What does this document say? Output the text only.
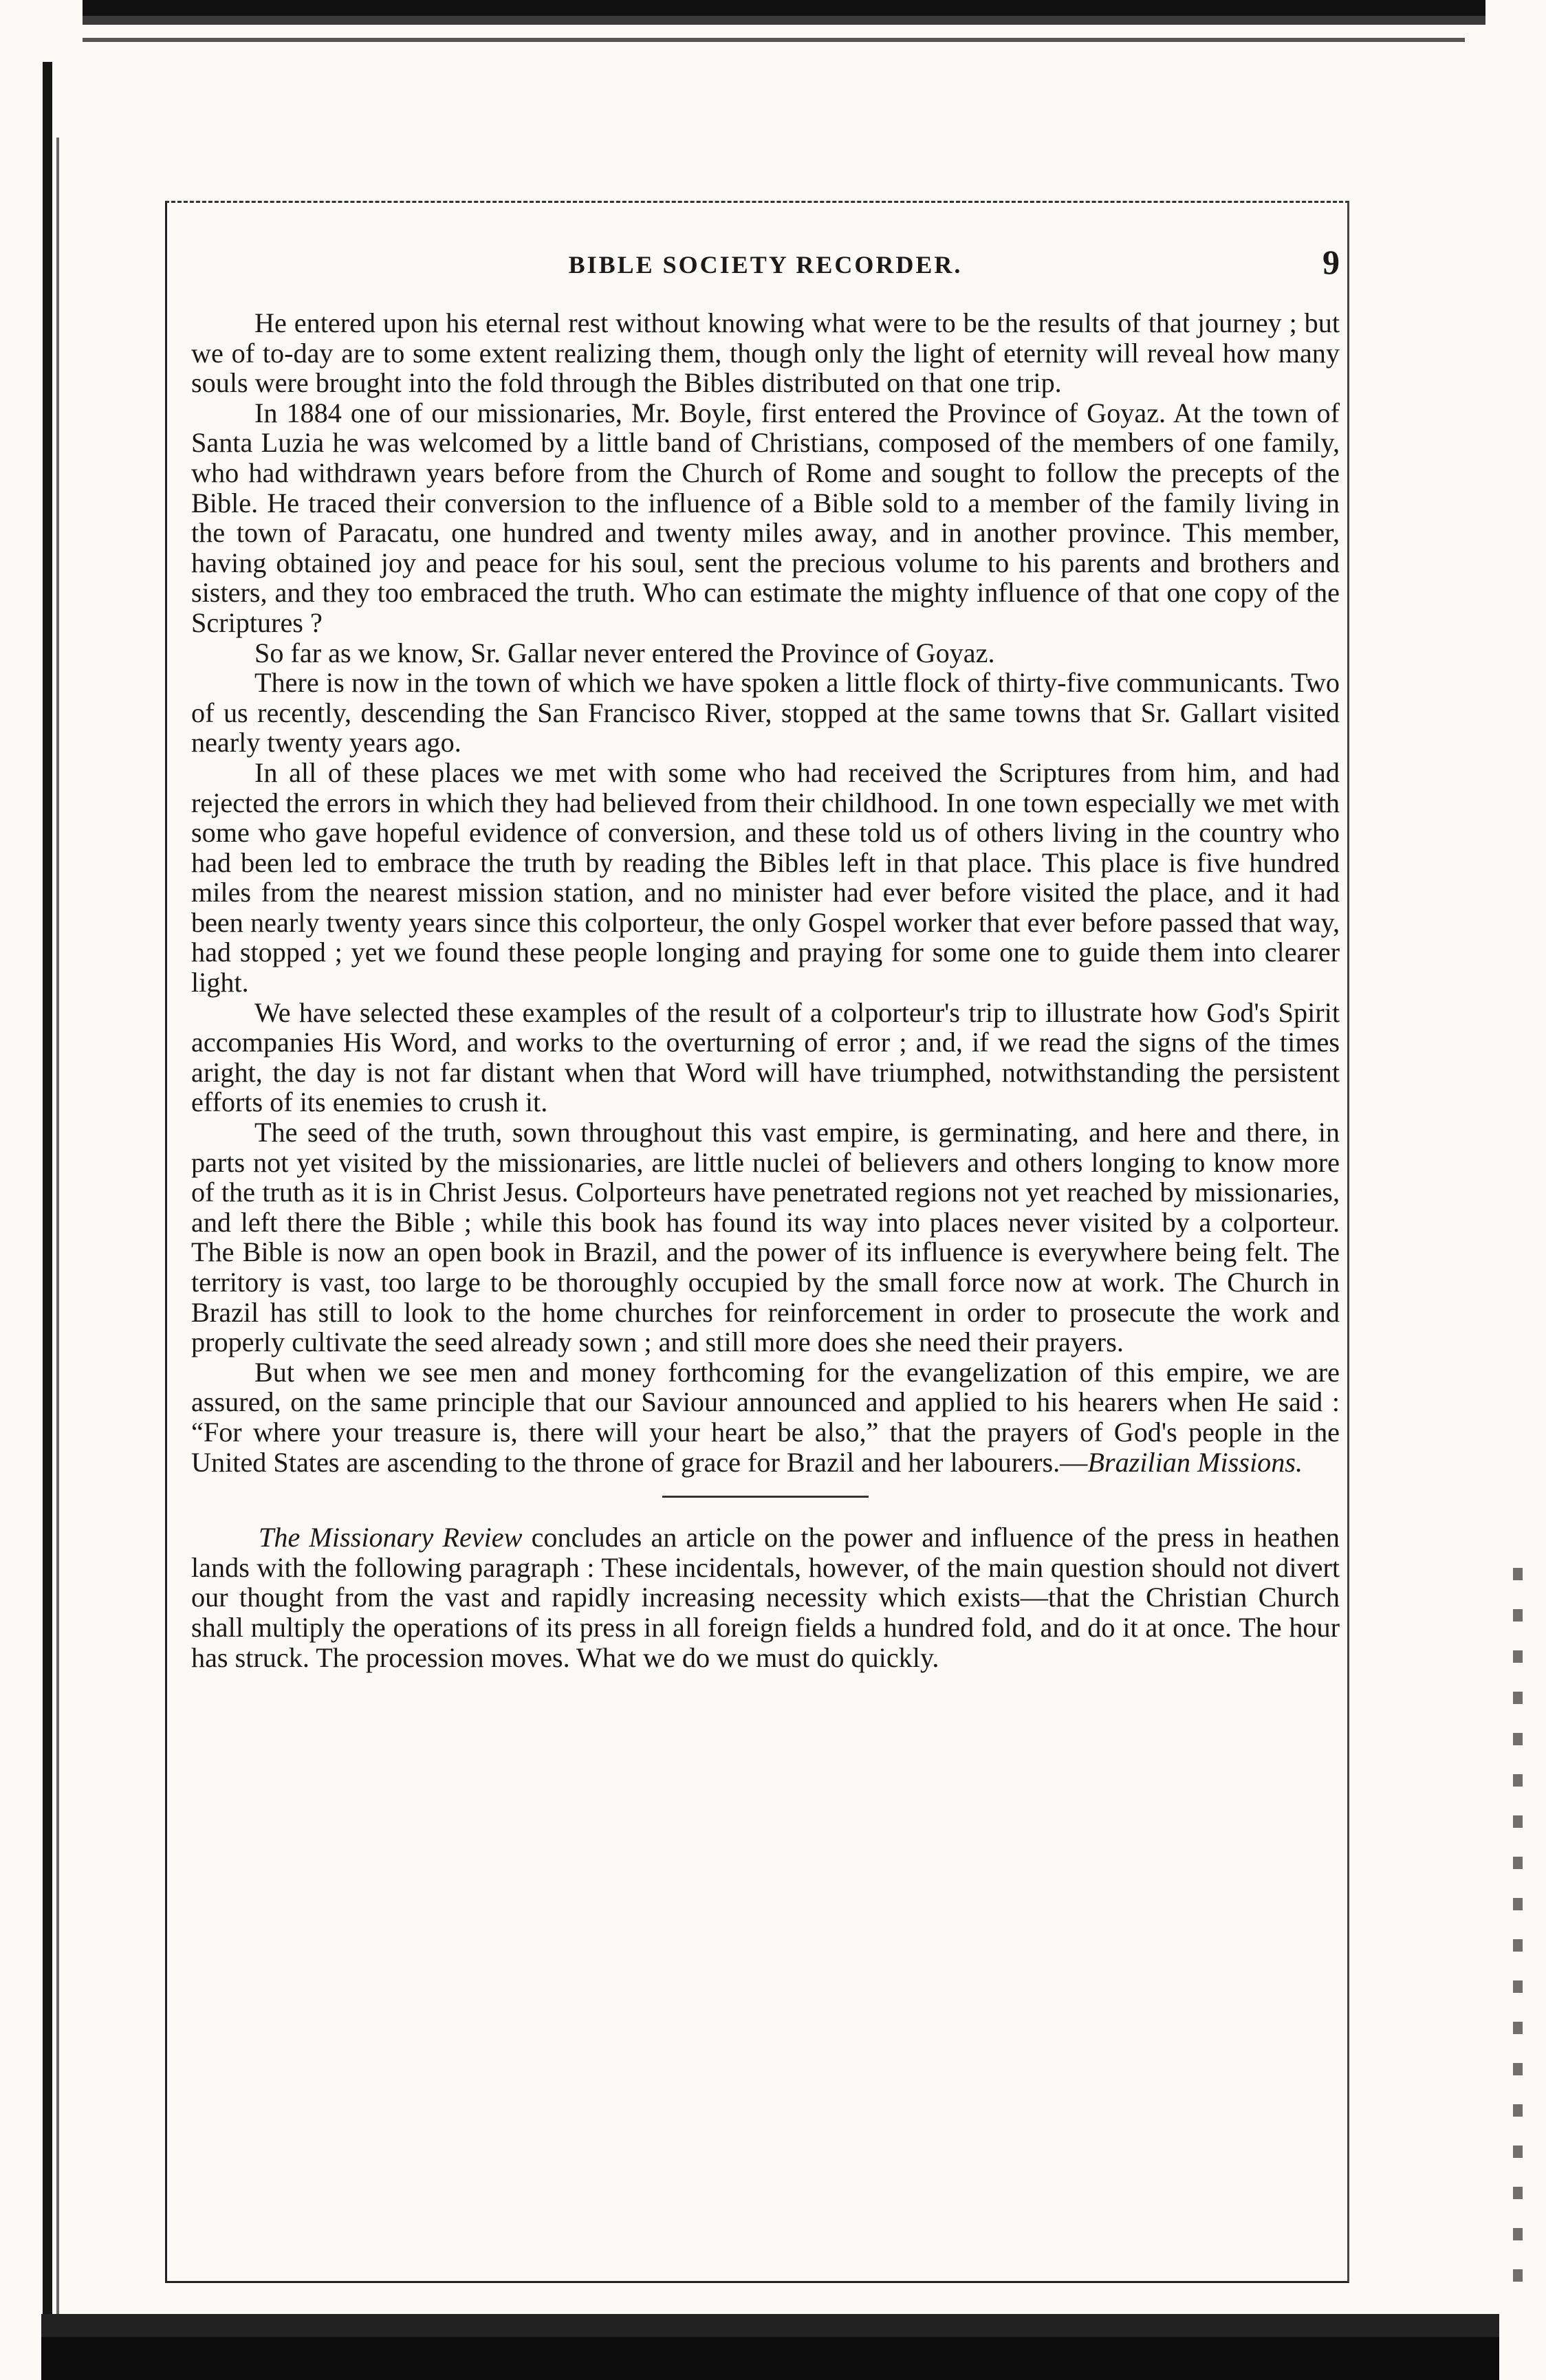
BIBLE SOCIETY RECORDER.	9

He entered upon his eternal rest without knowing what were to be the results of that journey ; but we of to-day are to some extent realizing them, though only the light of eternity will reveal how many souls were brought into the fold through the Bibles distributed on that one trip.

In 1884 one of our missionaries, Mr. Boyle, first entered the Province of Goyaz. At the town of Santa Luzia he was welcomed by a little band of Christians, composed of the members of one family, who had withdrawn years before from the Church of Rome and sought to follow the precepts of the Bible. He traced their conversion to the influence of a Bible sold to a member of the family living in the town of Paracatu, one hundred and twenty miles away, and in another province. This member, having obtained joy and peace for his soul, sent the precious volume to his parents and brothers and sisters, and they too embraced the truth. Who can estimate the mighty influence of that one copy of the Scriptures ?

So far as we know, Sr. Gallar never entered the Province of Goyaz.

There is now in the town of which we have spoken a little flock of thirty-five communicants. Two of us recently, descending the San Francisco River, stopped at the same towns that Sr. Gallart visited nearly twenty years ago.

In all of these places we met with some who had received the Scriptures from him, and had rejected the errors in which they had believed from their childhood. In one town especially we met with some who gave hopeful evidence of conversion, and these told us of others living in the country who had been led to embrace the truth by reading the Bibles left in that place. This place is five hundred miles from the nearest mission station, and no minister had ever before visited the place, and it had been nearly twenty years since this colporteur, the only Gospel worker that ever before passed that way, had stopped ; yet we found these people longing and praying for some one to guide them into clearer light.

We have selected these examples of the result of a colporteur's trip to illustrate how God's Spirit accompanies His Word, and works to the overturning of error ; and, if we read the signs of the times aright, the day is not far distant when that Word will have triumphed, notwithstanding the persistent efforts of its enemies to crush it.

The seed of the truth, sown throughout this vast empire, is germinating, and here and there, in parts not yet visited by the missionaries, are little nuclei of believers and others longing to know more of the truth as it is in Christ Jesus. Colporteurs have penetrated regions not yet reached by missionaries, and left there the Bible ; while this book has found its way into places never visited by a colporteur. The Bible is now an open book in Brazil, and the power of its influence is everywhere being felt. The territory is vast, too large to be thoroughly occupied by the small force now at work. The Church in Brazil has still to look to the home churches for reinforcement in order to prosecute the work and properly cultivate the seed already sown ; and still more does she need their prayers.

But when we see men and money forthcoming for the evangelization of this empire, we are assured, on the same principle that our Saviour announced and applied to his hearers when He said : “For where your treasure is, there will your heart be also,” that the prayers of God's people in the United States are ascending to the throne of grace for Brazil and her labourers.—Brazilian Missions.

The Missionary Review concludes an article on the power and influence of the press in heathen lands with the following paragraph : These incidentals, however, of the main question should not divert our thought from the vast and rapidly increasing necessity which exists—that the Christian Church shall multiply the operations of its press in all foreign fields a hundred fold, and do it at once. The hour has struck. The procession moves. What we do we must do quickly.
